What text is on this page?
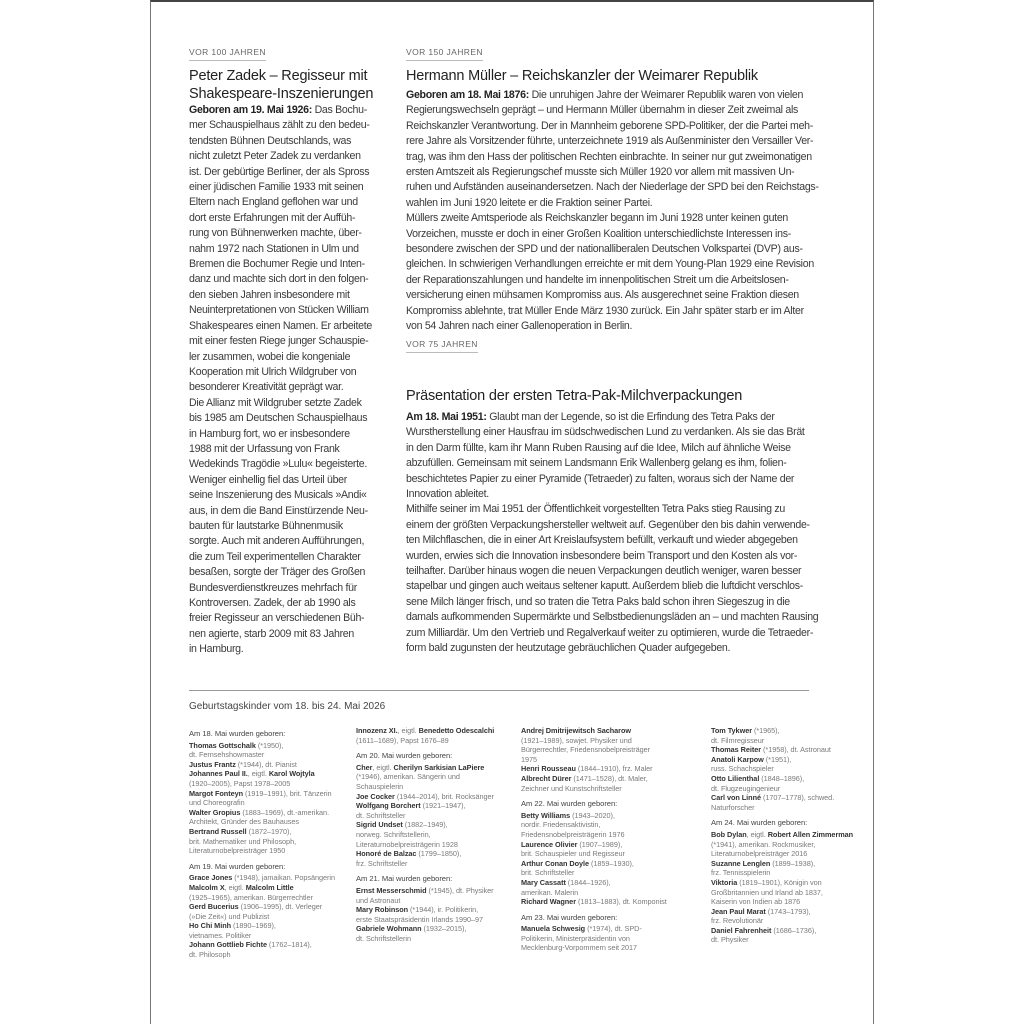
VOR 100 JAHREN
Peter Zadek – Regisseur mit
Shakespeare-Inszenierungen
Geboren am 19. Mai 1926: Das Bochu-
mer Schauspielhaus zählt zu den bedeu-
tendsten Bühnen Deutschlands, was
nicht zuletzt Peter Zadek zu verdanken
ist. Der gebürtige Berliner, der als Spross
einer jüdischen Familie 1933 mit seinen
Eltern nach England geflohen war und
dort erste Erfahrungen mit der Auffüh-
rung von Bühnenwerken machte, über-
nahm 1972 nach Stationen in Ulm und
Bremen die Bochumer Regie und Inten-
danz und machte sich dort in den folgen-
den sieben Jahren insbesondere mit
Neuinterpretationen von Stücken William
Shakespeares einen Namen. Er arbeitete
mit einer festen Riege junger Schauspie-
ler zusammen, wobei die kongeniale
Kooperation mit Ulrich Wildgruber von
besonderer Kreativität geprägt war.
Die Allianz mit Wildgruber setzte Zadek
bis 1985 am Deutschen Schauspielhaus
in Hamburg fort, wo er insbesondere
1988 mit der Urfassung von Frank
Wedekinds Tragödie »Lulu« begeisterte.
Weniger einhellig fiel das Urteil über
seine Inszenierung des Musicals »Andi«
aus, in dem die Band Einstürzende Neu-
bauten für lautstarke Bühnenmusik
sorgte. Auch mit anderen Aufführungen,
die zum Teil experimentellen Charakter
besaßen, sorgte der Träger des Großen
Bundesverdienstkreuzes mehrfach für
Kontroversen. Zadek, der ab 1990 als
freier Regisseur an verschiedenen Büh-
nen agierte, starb 2009 mit 83 Jahren
in Hamburg.
VOR 150 JAHREN
Hermann Müller – Reichskanzler der Weimarer Republik
Geboren am 18. Mai 1876: Die unruhigen Jahre der Weimarer Republik waren von vielen
Regierungswechseln geprägt – und Hermann Müller übernahm in dieser Zeit zweimal als
Reichskanzler Verantwortung. Der in Mannheim geborene SPD-Politiker, der die Partei meh-
rere Jahre als Vorsitzender führte, unterzeichnete 1919 als Außenminister den Versailler Ver-
trag, was ihm den Hass der politischen Rechten einbrachte. In seiner nur gut zweimonatigen
ersten Amtszeit als Regierungschef musste sich Müller 1920 vor allem mit massiven Un-
ruhen und Aufständen auseinandersetzen. Nach der Niederlage der SPD bei den Reichstags-
wahlen im Juni 1920 leitete er die Fraktion seiner Partei.
Müllers zweite Amtsperiode als Reichskanzler begann im Juni 1928 unter keinen guten
Vorzeichen, musste er doch in einer Großen Koalition unterschiedlichste Interessen ins-
besondere zwischen der SPD und der nationalliberalen Deutschen Volkspartei (DVP) aus-
gleichen. In schwierigen Verhandlungen erreichte er mit dem Young-Plan 1929 eine Revision
der Reparationszahlungen und handelte im innenpolitischen Streit um die Arbeitslosen-
versicherung einen mühsamen Kompromiss aus. Als ausgerechnet seine Fraktion diesen
Kompromiss ablehnte, trat Müller Ende März 1930 zurück. Ein Jahr später starb er im Alter
von 54 Jahren nach einer Gallenoperation in Berlin.
VOR 75 JAHREN
Präsentation der ersten Tetra-Pak-Milchverpackungen
Am 18. Mai 1951: Glaubt man der Legende, so ist die Erfindung des Tetra Paks der
Wurstherstellung einer Hausfrau im südschwedischen Lund zu verdanken. Als sie das Brät
in den Darm füllte, kam ihr Mann Ruben Rausing auf die Idee, Milch auf ähnliche Weise
abzufüllen. Gemeinsam mit seinem Landsmann Erik Wallenberg gelang es ihm, folien-
beschichtetes Papier zu einer Pyramide (Tetraeder) zu falten, woraus sich der Name der
Innovation ableitet.
Mithilfe seiner im Mai 1951 der Öffentlichkeit vorgestellten Tetra Paks stieg Rausing zu
einem der größten Verpackungshersteller weltweit auf. Gegenüber den bis dahin verwende-
ten Milchflaschen, die in einer Art Kreislaufsystem befüllt, verkauft und wieder abgegeben
wurden, erwies sich die Innovation insbesondere beim Transport und den Kosten als vor-
teilhafter. Darüber hinaus wogen die neuen Verpackungen deutlich weniger, waren besser
stapelbar und gingen auch weitaus seltener kaputt. Außerdem blieb die luftdicht verschlos-
sene Milch länger frisch, und so traten die Tetra Paks bald schon ihren Siegeszug in die
damals aufkommenden Supermärkte und Selbstbedienungsläden an – und machten Rausing
zum Milliardär. Um den Vertrieb und Regalverkauf weiter zu optimieren, wurde die Tetraeder-
form bald zugunsten der heutzutage gebräuchlichen Quader aufgegeben.
Geburtstagskinder vom 18. bis 24. Mai 2026
Am 18. Mai wurden geboren:
Thomas Gottschalk (*1950),
dt. Fernsehshowmaster
Justus Frantz (*1944), dt. Pianist
Johannes Paul II., eigtl. Karol Wojtyla
(1920–2005), Papst 1978–2005
Margot Fonteyn (1919–1991), brit. Tänzerin
und Choreografin
Walter Gropius (1883–1969), dt.-amerikan.
Architekt, Gründer des Bauhauses
Bertrand Russell (1872–1970),
brit. Mathematiker und Philosoph,
Literaturnobelpreisträger 1950
Am 19. Mai wurden geboren:
Grace Jones (*1948), jamaikan. Popsängerin
Malcolm X, eigtl. Malcolm Little
(1925–1965), amerikan. Bürgerrechtler
Gerd Bucerius (1906–1995), dt. Verleger
(»Die Zeit«) und Publizist
Ho Chi Minh (1890–1969),
vietnames. Politiker
Johann Gottlieb Fichte (1762–1814),
dt. Philosoph
Innozenz XI., eigtl. Benedetto Odescalchi
(1611–1689), Papst 1676–89
Am 20. Mai wurden geboren:
Cher, eigtl. Cherilyn Sarkisian LaPiere
(*1946), amerikan. Sängerin und
Schauspielerin
Joe Cocker (1944–2014), brit. Rocksänger
Wolfgang Borchert (1921–1947),
dt. Schriftsteller
Sigrid Undset (1882–1949),
norweg. Schriftstellerin,
Literaturnobelpreisträgerin 1928
Honoré de Balzac (1799–1850),
frz. Schriftsteller
Am 21. Mai wurden geboren:
Ernst Messerschmid (*1945), dt. Physiker
und Astronaut
Mary Robinson (*1944), ir. Politikerin,
erste Staatspräsidentin Irlands 1990–97
Gabriele Wohmann (1932–2015),
dt. Schriftstellerin
Andrej Dmitrijewitsch Sacharow
(1921–1989), sowjet. Physiker und
Bürgerrechtler, Friedensnobelpreisträger
1975
Henri Rousseau (1844–1910), frz. Maler
Albrecht Dürer (1471–1528), dt. Maler,
Zeichner und Kunstschriftsteller
Am 22. Mai wurden geboren:
Betty Williams (1943–2020),
nordir. Friedensaktivistin,
Friedensnobelpreisträgerin 1976
Laurence Olivier (1907–1989),
brit. Schauspieler und Regisseur
Arthur Conan Doyle (1859–1930),
brit. Schriftsteller
Mary Cassatt (1844–1926),
amerikan. Malerin
Richard Wagner (1813–1883), dt. Komponist
Am 23. Mai wurden geboren:
Manuela Schwesig (*1974), dt. SPD-
Politikerin, Ministerpräsidentin von
Mecklenburg-Vorpommern seit 2017
Tom Tykwer (*1965),
dt. Filmregisseur
Thomas Reiter (*1958), dt. Astronaut
Anatoli Karpow (*1951),
russ. Schachspieler
Otto Lilienthal (1848–1896),
dt. Flugzeugingenieur
Carl von Linné (1707–1778), schwed.
Naturforscher
Am 24. Mai wurden geboren:
Bob Dylan, eigtl. Robert Allen Zimmerman
(*1941), amerikan. Rockmusiker,
Literaturnobelpreisträger 2016
Suzanne Lenglen (1899–1938),
frz. Tennisspielerin
Viktoria (1819–1901), Königin von
Großbritannien und Irland ab 1837,
Kaiserin von Indien ab 1876
Jean Paul Marat (1743–1793),
frz. Revolutionär
Daniel Fahrenheit (1686–1736),
dt. Physiker
